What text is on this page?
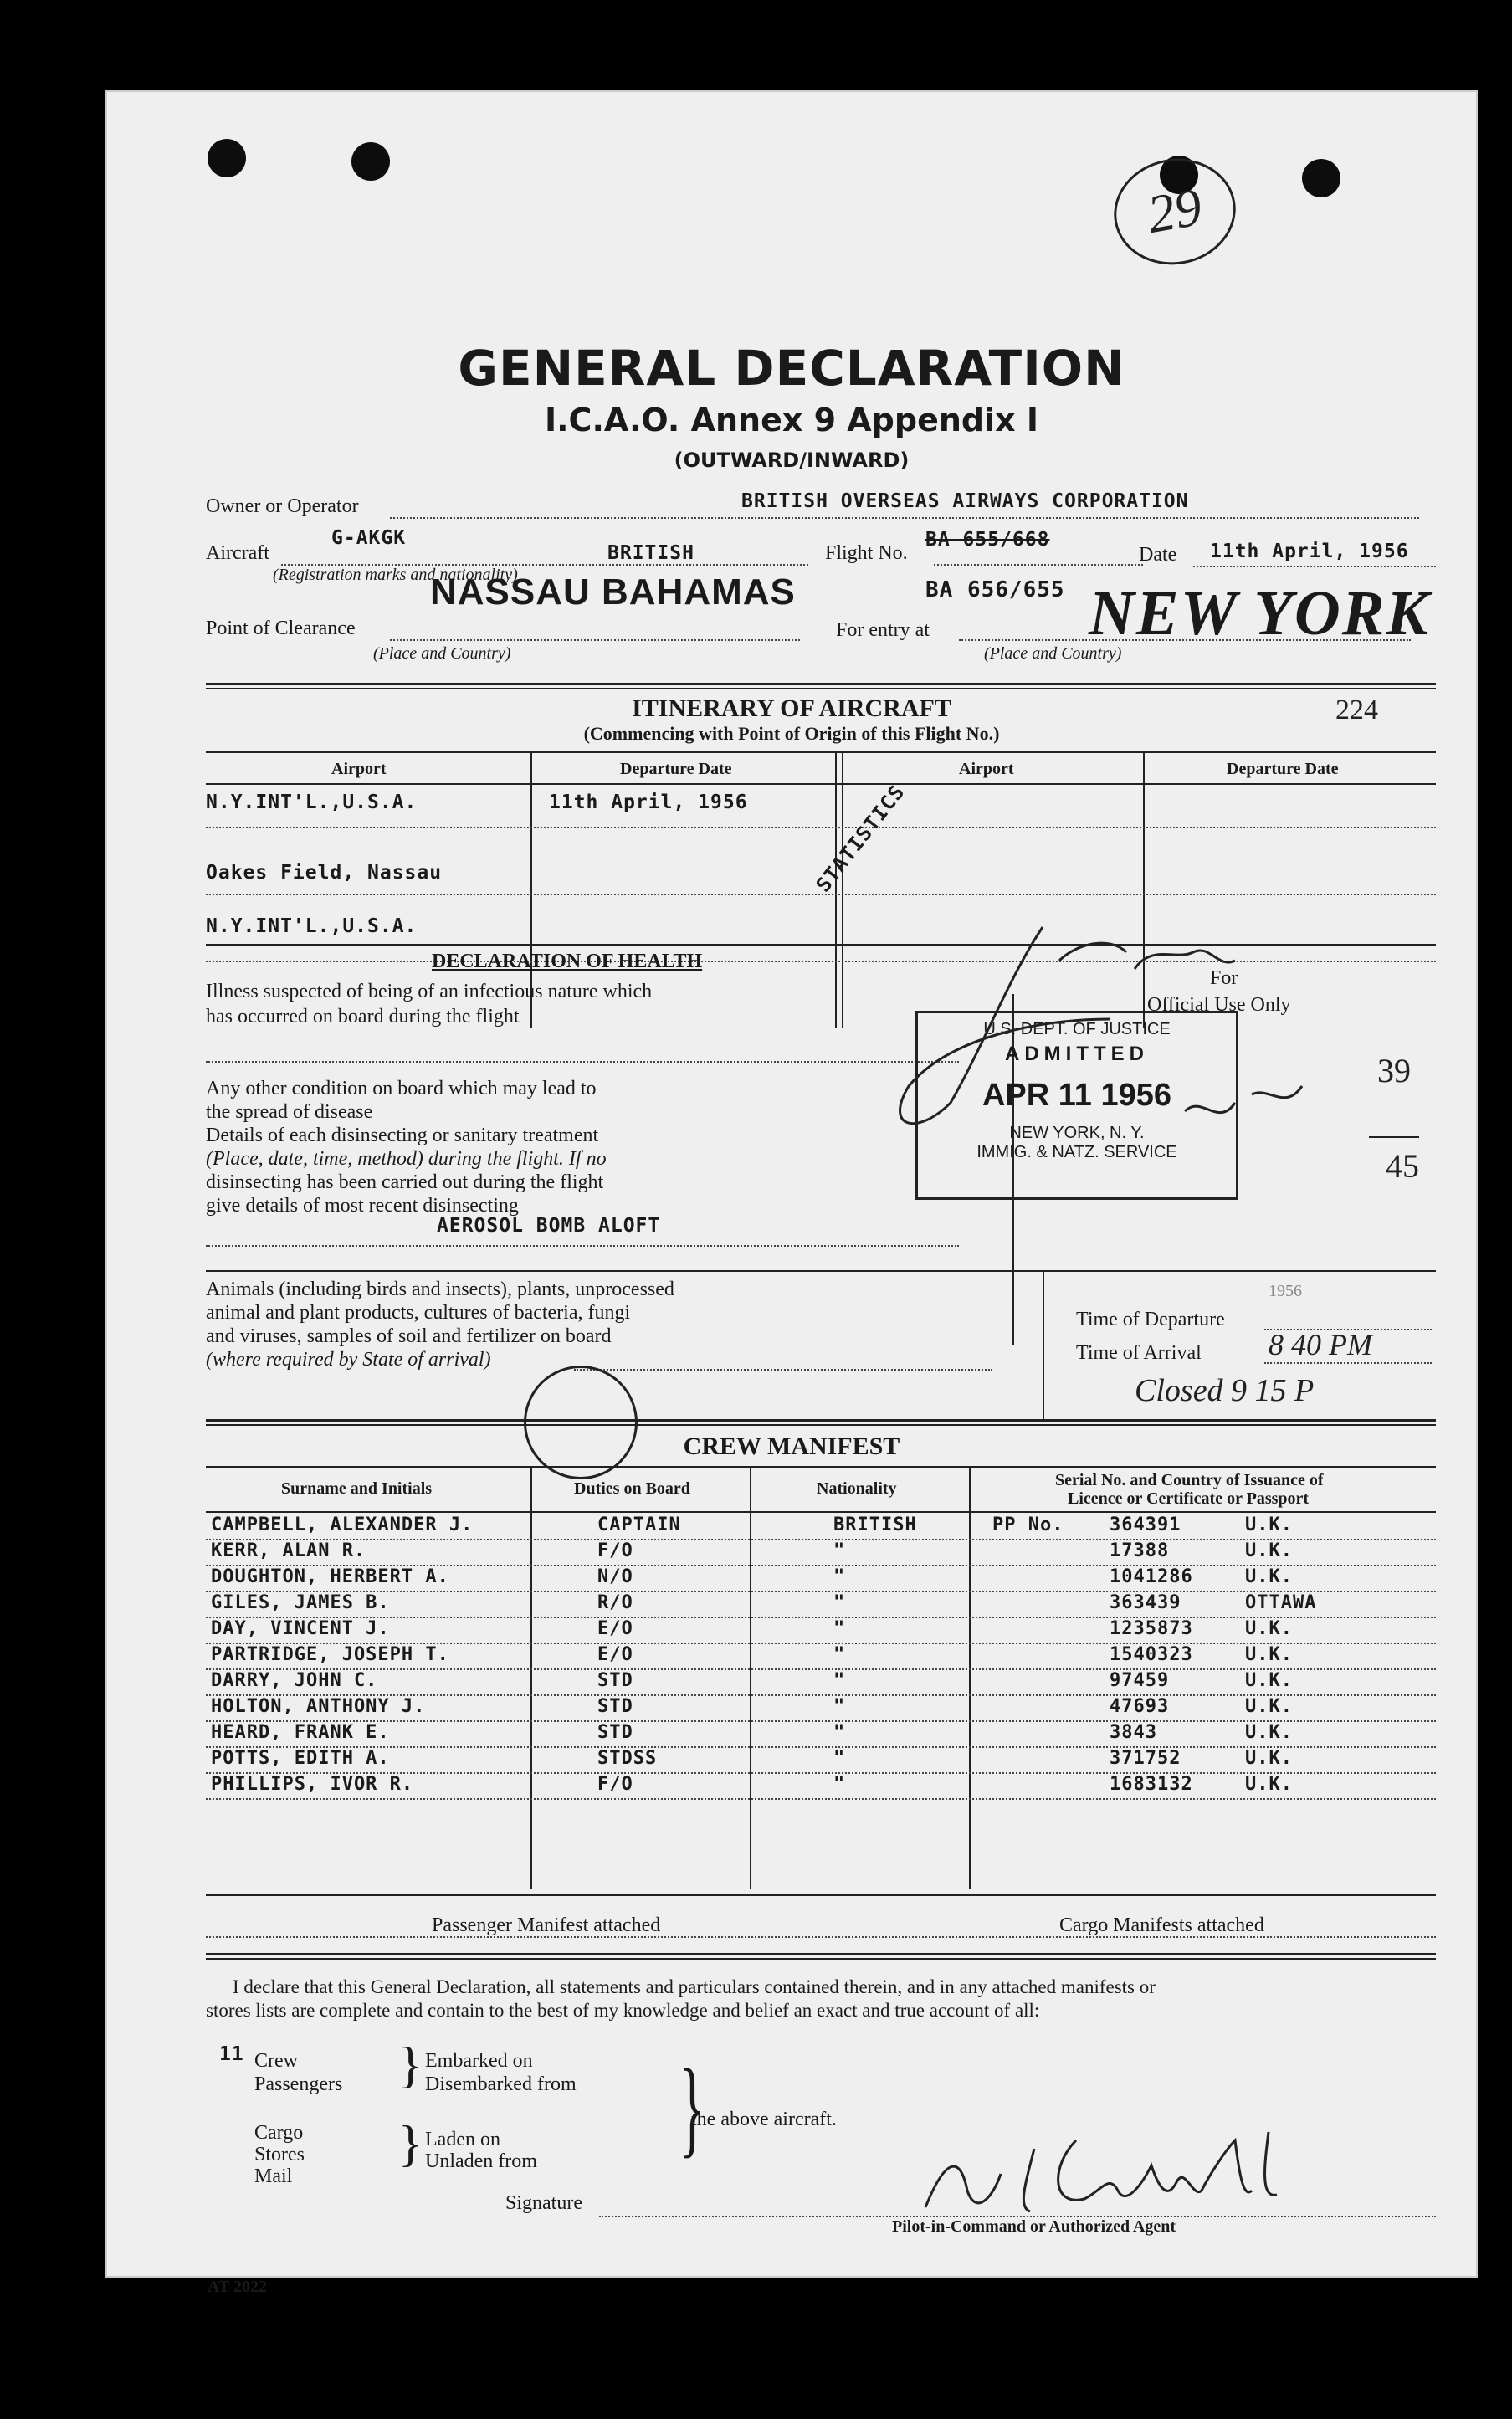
29
GENERAL DECLARATION
I.C.A.O. Annex 9 Appendix I
(OUTWARD/INWARD)
Owner or Operator	BRITISH OVERSEAS AIRWAYS CORPORATION
Aircraft
G-AKGK
BRITISH
(Registration marks and nationality)
Flight No.
BA 655/668
BA 656/655
Date 11th April, 1956
NASSAU BAHAMAS
Point of Clearance
(Place and Country)
For entry at	NEW YORK
(Place and Country)
ITINERARY OF AIRCRAFT
(Commencing with Point of Origin of this Flight No.)
224
Airport	Departure Date	Airport	Departure Date
N.Y.INT'L.,U.S.A.	11th April, 1956
Oakes Field, Nassau
N.Y.INT'L.,U.S.A.
STATISTICS
DECLARATION OF HEALTH
For
Official Use Only
Illness suspected of being of an infectious nature which
has occurred on board during the flight
Any other condition on board which may lead to
the spread of disease
Details of each disinsecting or sanitary treatment
(Place, date, time, method) during the flight. If no
disinsecting has been carried out during the flight
give details of most recent disinsecting
AEROSOL BOMB ALOFT
U.S. DEPT. OF JUSTICE
ADMITTED
APR 11 1956
NEW YORK, N. Y.
IMMIG. & NATZ. SERVICE
39
45
Animals (including birds and insects), plants, unprocessed
animal and plant products, cultures of bacteria, fungi
and viruses, samples of soil and fertilizer on board
(where required by State of arrival)
1956
Time of Departure
Time of Arrival 8 40 PM
Closed 9 15 P
CREW MANIFEST
Surname and Initials	Duties on Board	Nationality	Serial No. and Country of Issuance of
Licence or Certificate or Passport
CAMPBELL, ALEXANDER J.	CAPTAIN	BRITISH	PP No. 364391	U.K.
KERR, ALAN R.	F/O	"	17388	U.K.
DOUGHTON, HERBERT A.	N/O	"	1041286	U.K.
GILES, JAMES B.	R/O	"	363439	OTTAWA
DAY, VINCENT J.	E/O	"	1235873	U.K.
PARTRIDGE, JOSEPH T.	E/O	"	1540323	U.K.
DARRY, JOHN C.	STD	"	97459	U.K.
HOLTON, ANTHONY J.	STD	"	47693	U.K.
HEARD, FRANK E.	STD	"	3843	U.K.
POTTS, EDITH A.	STDSS	"	371752	U.K.
PHILLIPS, IVOR R.	F/O	"	1683132	U.K.
Passenger Manifest attached	Cargo Manifests attached
I declare that this General Declaration, all statements and particulars contained therein, and in any attached manifests or
stores lists are complete and contain to the best of my knowledge and belief an exact and true account of all:
11 Crew
Passengers } Embarked on
Disembarked from }
the above aircraft.
Cargo
Stores
Mail
} Laden on
Unladen from
Signature
Pilot-in-Command or Authorized Agent
AT 2022
